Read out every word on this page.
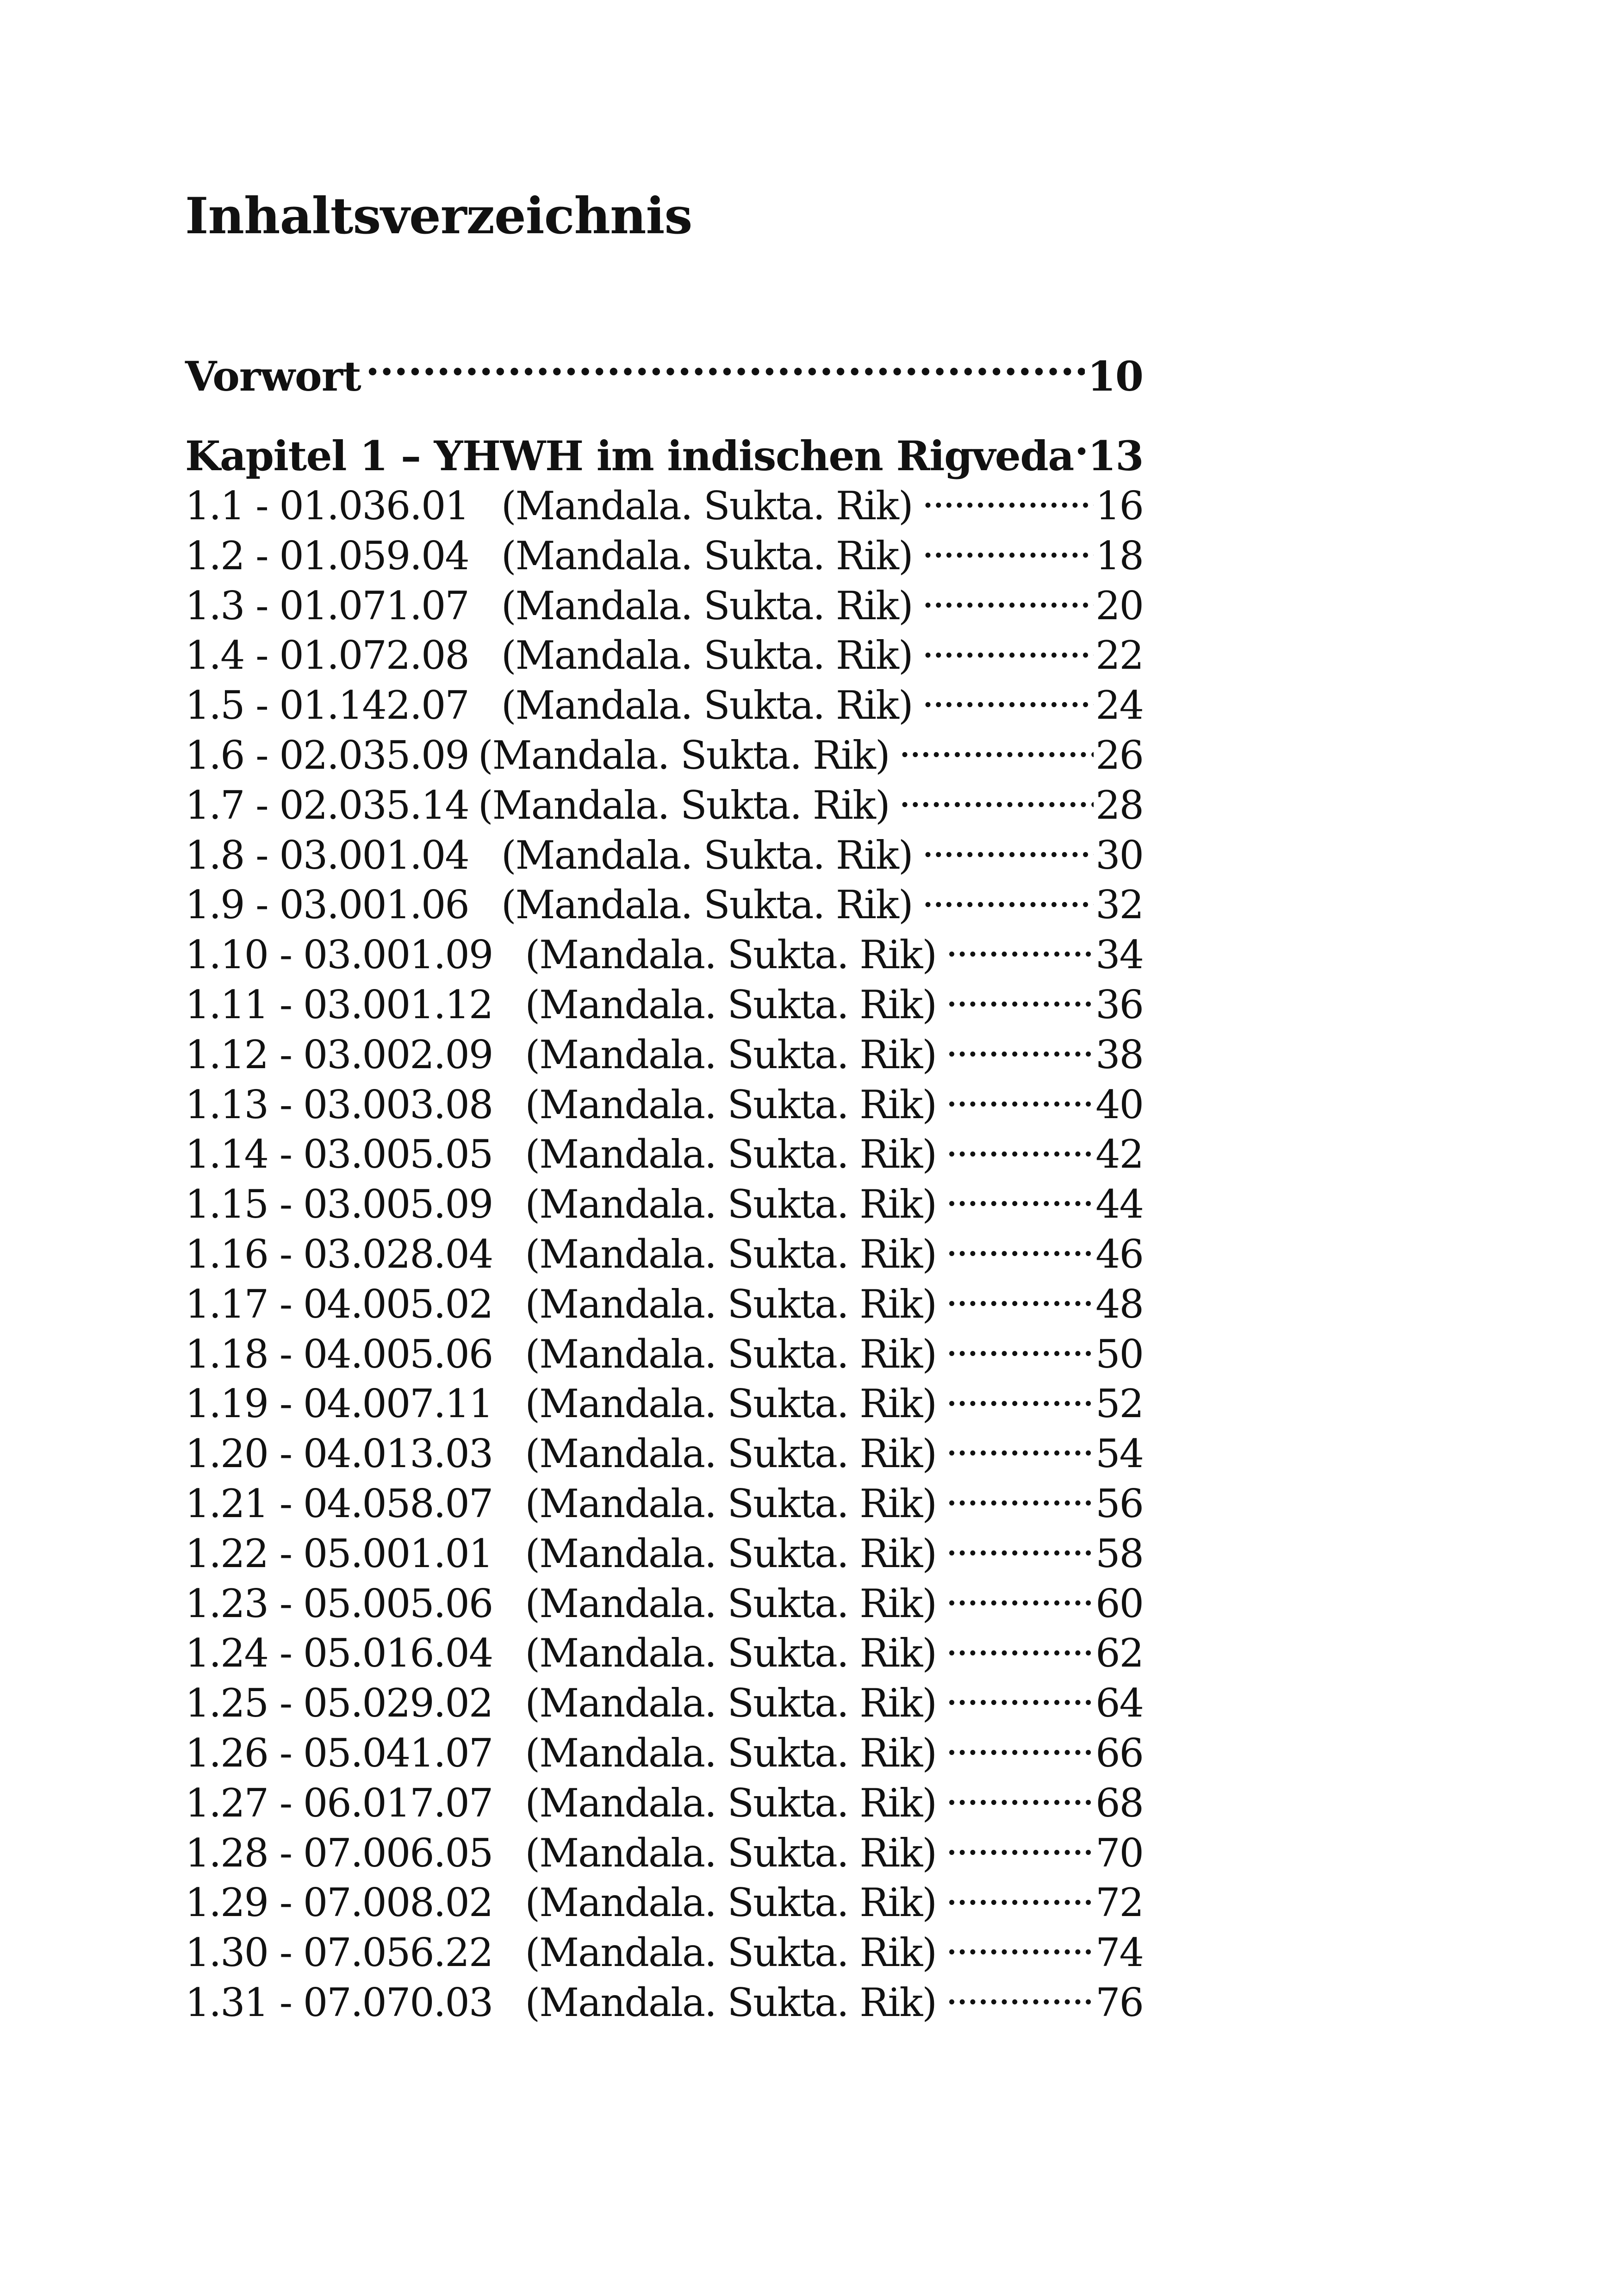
Inhaltsverzeichnis
Vorwort .....	10
Kapitel 1 – YHWH im indischen Rigveda ..... 13
1.1 - 01.036.01 (Mandala. Sukta. Rik) .....	16
1.2 - 01.059.04 (Mandala. Sukta. Rik) .....	18
1.3 - 01.071.07 (Mandala. Sukta. Rik) .....	20
1.4 - 01.072.08 (Mandala. Sukta. Rik) .....	22
1.5 - 01.142.07 (Mandala. Sukta. Rik) .....	24
1.6 - 02.035.09 (Mandala. Sukta. Rik) .....	26
1.7 - 02.035.14 (Mandala. Sukta. Rik) .....	28
1.8 - 03.001.04 (Mandala. Sukta. Rik) .....	30
1.9 - 03.001.06 (Mandala. Sukta. Rik) .....	32
1.10 - 03.001.09 (Mandala. Sukta. Rik) .....	34
1.11 - 03.001.12 (Mandala. Sukta. Rik) .....	36
1.12 - 03.002.09 (Mandala. Sukta. Rik) .....	38
1.13 - 03.003.08 (Mandala. Sukta. Rik) .....	40
1.14 - 03.005.05 (Mandala. Sukta. Rik) .....	42
1.15 - 03.005.09 (Mandala. Sukta. Rik) .....	44
1.16 - 03.028.04 (Mandala. Sukta. Rik) .....	46
1.17 - 04.005.02 (Mandala. Sukta. Rik) .....	48
1.18 - 04.005.06 (Mandala. Sukta. Rik) .....	50
1.19 - 04.007.11 (Mandala. Sukta. Rik) .....	52
1.20 - 04.013.03 (Mandala. Sukta. Rik) .....	54
1.21 - 04.058.07 (Mandala. Sukta. Rik) .....	56
1.22 - 05.001.01 (Mandala. Sukta. Rik) .....	58
1.23 - 05.005.06 (Mandala. Sukta. Rik) .....	60
1.24 - 05.016.04 (Mandala. Sukta. Rik) .....	62
1.25 - 05.029.02 (Mandala. Sukta. Rik) .....	64
1.26 - 05.041.07 (Mandala. Sukta. Rik) .....	66
1.27 - 06.017.07 (Mandala. Sukta. Rik) .....	68
1.28 - 07.006.05 (Mandala. Sukta. Rik) .....	70
1.29 - 07.008.02 (Mandala. Sukta. Rik) .....	72
1.30 - 07.056.22 (Mandala. Sukta. Rik) .....	74
1.31 - 07.070.03 (Mandala. Sukta. Rik) .....	76
